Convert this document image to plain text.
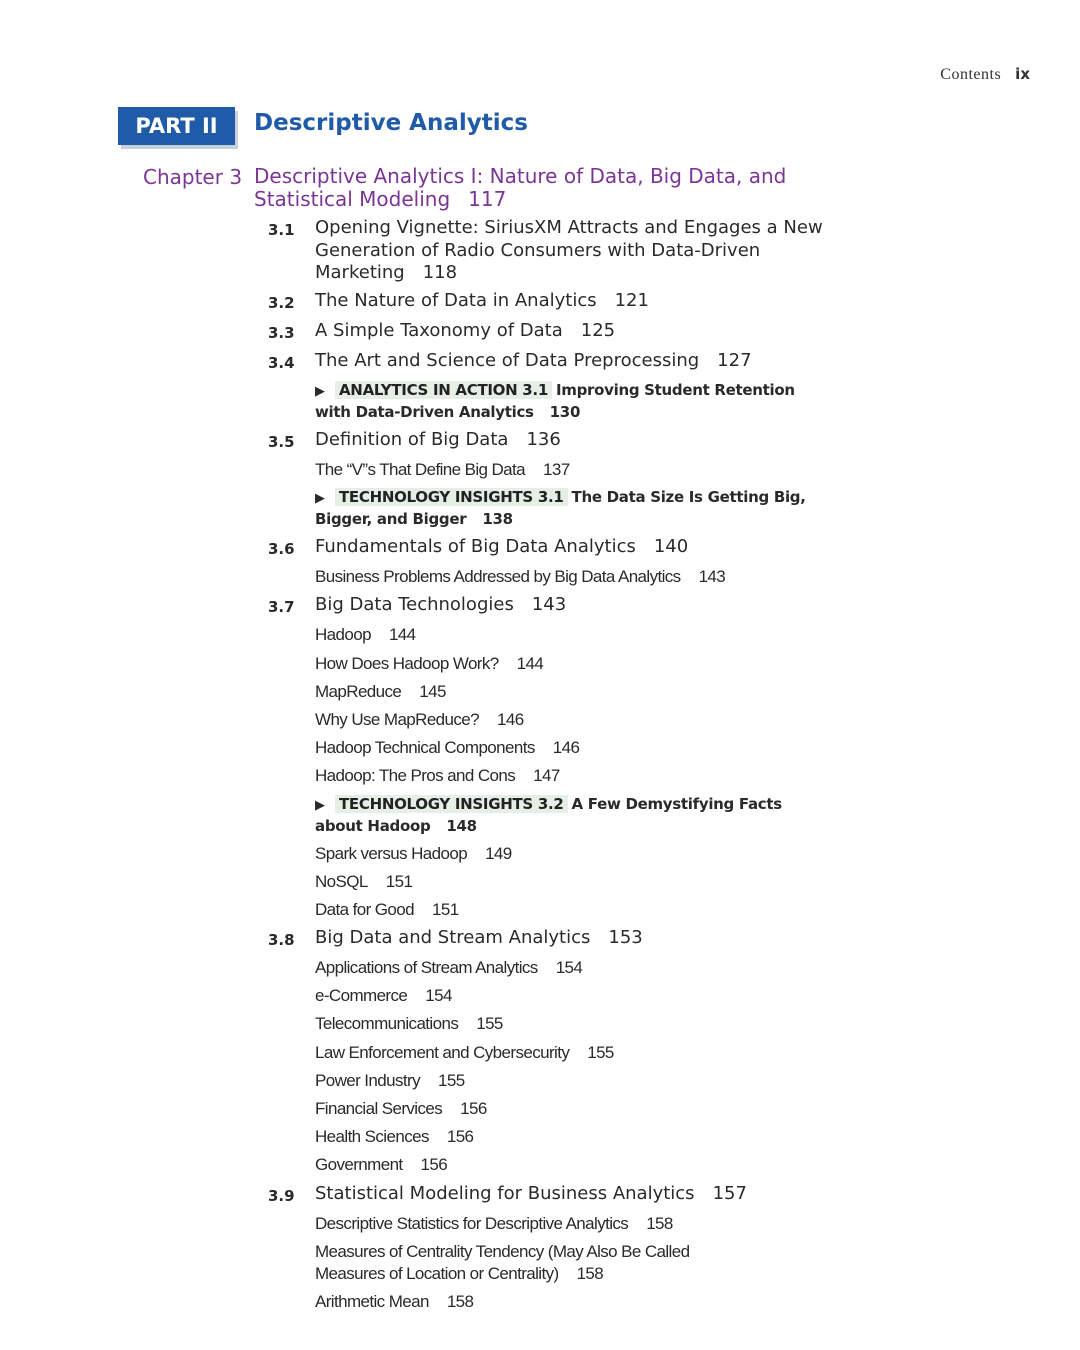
Contents ix
PART II	Descriptive Analytics
Chapter 3 Descriptive Analytics I: Nature of Data, Big Data, and Statistical Modeling 117
3.1	Opening Vignette: SiriusXM Attracts and Engages a New Generation of Radio Consumers with Data-Driven Marketing 118
3.2	The Nature of Data in Analytics 121
3.3	A Simple Taxonomy of Data 125
3.4	The Art and Science of Data Preprocessing 127
▶ ANALYTICS IN ACTION 3.1 Improving Student Retention with Data-Driven Analytics 130
3.5	Definition of Big Data 136
The “V”s That Define Big Data 137
▶ TECHNOLOGY INSIGHTS 3.1 The Data Size Is Getting Big, Bigger, and Bigger 138
3.6	Fundamentals of Big Data Analytics 140
Business Problems Addressed by Big Data Analytics 143
3.7	Big Data Technologies 143
Hadoop 144
How Does Hadoop Work? 144
MapReduce 145
Why Use MapReduce? 146
Hadoop Technical Components 146
Hadoop: The Pros and Cons 147
▶ TECHNOLOGY INSIGHTS 3.2 A Few Demystifying Facts about Hadoop 148
Spark versus Hadoop 149
NoSQL 151
Data for Good 151
3.8	Big Data and Stream Analytics 153
Applications of Stream Analytics 154
e-Commerce 154
Telecommunications 155
Law Enforcement and Cybersecurity 155
Power Industry 155
Financial Services 156
Health Sciences 156
Government 156
3.9	Statistical Modeling for Business Analytics 157
Descriptive Statistics for Descriptive Analytics 158
Measures of Centrality Tendency (May Also Be Called Measures of Location or Centrality) 158
Arithmetic Mean 158
